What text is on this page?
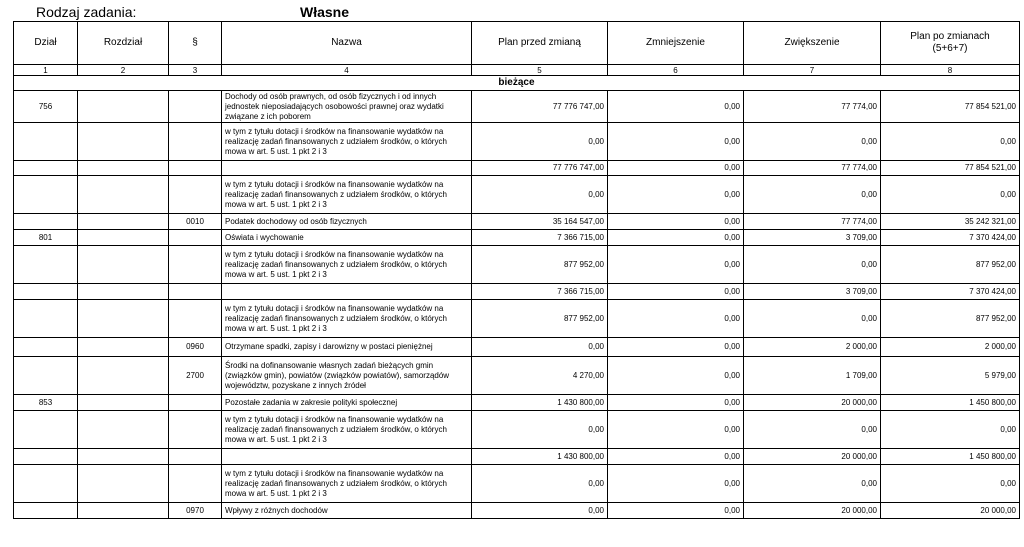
Rodzaj zadania:	Własne
Dział	Rozdział	§	Nazwa	Plan przed zmianą	Zmniejszenie	Zwiększenie	Plan po zmianach
(5+6+7)
1	2	3	4	5	6	7	8
bieżące							
756			Dochody od osób prawnych, od osób fizycznych i od innych jednostek nieposiadających osobowości prawnej oraz wydatki związane z ich poborem	77 776 747,00	0,00	77 774,00	77 854 521,00
			w tym z tytułu dotacji i środków na finansowanie wydatków na realizację zadań finansowanych z udziałem środków, o których mowa w art. 5 ust. 1 pkt 2 i 3	0,00	0,00	0,00	0,00
				77 776 747,00	0,00	77 774,00	77 854 521,00
			w tym z tytułu dotacji i środków na finansowanie wydatków na realizację zadań finansowanych z udziałem środków, o których mowa w art. 5 ust. 1 pkt 2 i 3	0,00	0,00	0,00	0,00
		0010	Podatek dochodowy od osób fizycznych	35 164 547,00	0,00	77 774,00	35 242 321,00
801			Oświata i wychowanie	7 366 715,00	0,00	3 709,00	7 370 424,00
			w tym z tytułu dotacji i środków na finansowanie wydatków na realizację zadań finansowanych z udziałem środków, o których mowa w art. 5 ust. 1 pkt 2 i 3	877 952,00	0,00	0,00	877 952,00
				7 366 715,00	0,00	3 709,00	7 370 424,00
			w tym z tytułu dotacji i środków na finansowanie wydatków na realizację zadań finansowanych z udziałem środków, o których mowa w art. 5 ust. 1 pkt 2 i 3	877 952,00	0,00	0,00	877 952,00
		0960	Otrzymane spadki, zapisy i darowizny w postaci pieniężnej	0,00	0,00	2 000,00	2 000,00
		2700	Środki na dofinansowanie własnych zadań bieżących gmin (związków gmin), powiatów (związków powiatów), samorządów województw, pozyskane z innych źródeł	4 270,00	0,00	1 709,00	5 979,00
853			Pozostałe zadania w zakresie polityki społecznej	1 430 800,00	0,00	20 000,00	1 450 800,00
			w tym z tytułu dotacji i środków na finansowanie wydatków na realizację zadań finansowanych z udziałem środków, o których mowa w art. 5 ust. 1 pkt 2 i 3	0,00	0,00	0,00	0,00
				1 430 800,00	0,00	20 000,00	1 450 800,00
			w tym z tytułu dotacji i środków na finansowanie wydatków na realizację zadań finansowanych z udziałem środków, o których mowa w art. 5 ust. 1 pkt 2 i 3	0,00	0,00	0,00	0,00
		0970	Wpływy z różnych dochodów	0,00	0,00	20 000,00	20 000,00
